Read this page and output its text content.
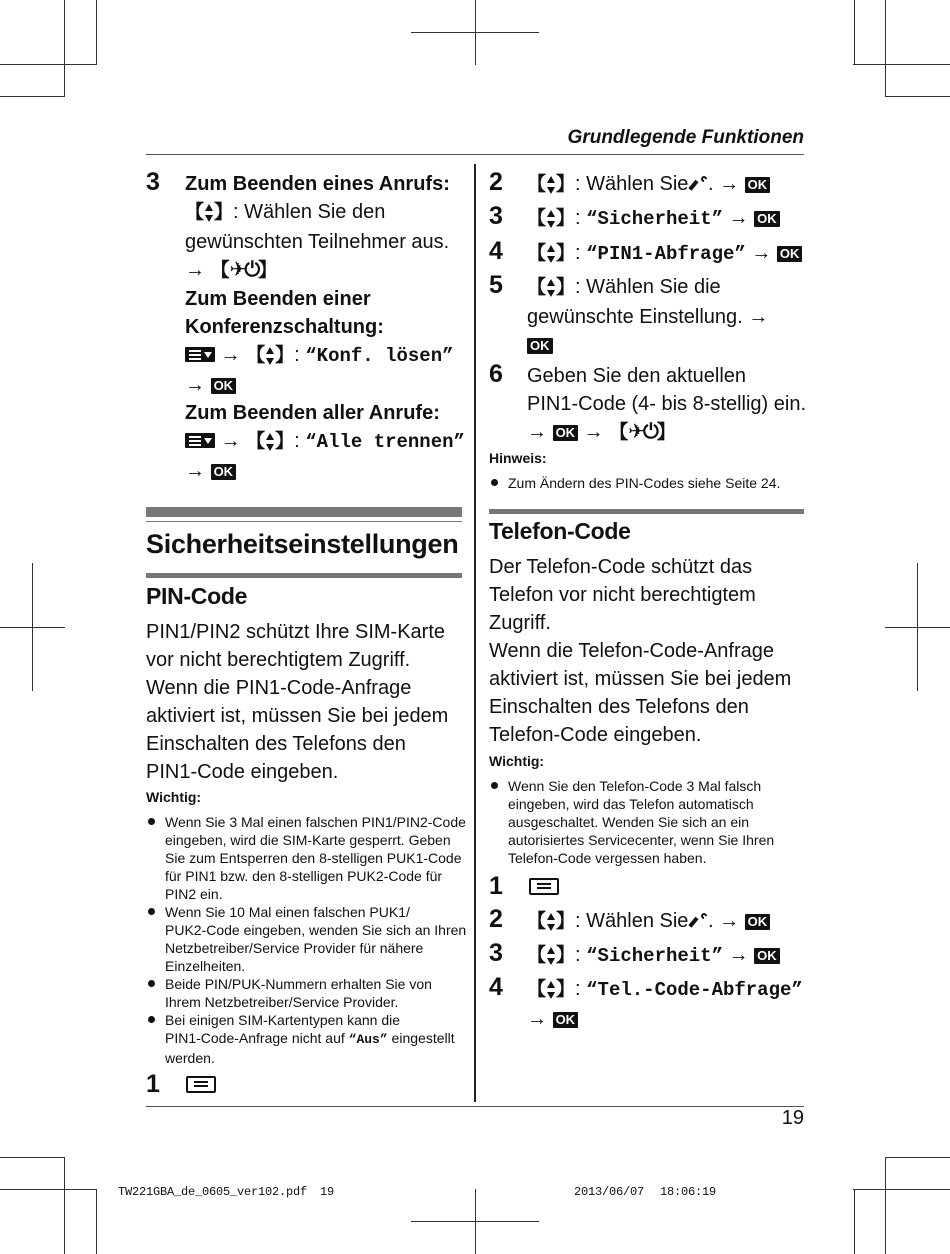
Grundlegende Funktionen
3 Zum Beenden eines Anrufs:
【 】: Wählen Sie den
gewünschten Teilnehmer aus.
→ 【✈⏻】
Zum Beenden einer
Konferenzschaltung:
→ 【 】: “Konf. lösen”
→ OK
Zum Beenden aller Anrufe:
→ 【 】: “Alle trennen”
→ OK
Sicherheitseinstellungen
PIN-Code
PIN1/PIN2 schützt Ihre SIM-Karte
vor nicht berechtigtem Zugriff.
Wenn die PIN1-Code-Anfrage
aktiviert ist, müssen Sie bei jedem
Einschalten des Telefons den
PIN1-Code eingeben.
Wichtig:
Wenn Sie 3 Mal einen falschen PIN1/PIN2-Code
eingeben, wird die SIM-Karte gesperrt. Geben
Sie zum Entsperren den 8-stelligen PUK1-Code
für PIN1 bzw. den 8-stelligen PUK2-Code für
PIN2 ein.
Wenn Sie 10 Mal einen falschen PUK1/
PUK2-Code eingeben, wenden Sie sich an Ihren
Netzbetreiber/Service Provider für nähere
Einzelheiten.
Beide PIN/PUK-Nummern erhalten Sie von
Ihrem Netzbetreiber/Service Provider.
Bei einigen SIM-Kartentypen kann die
PIN1-Code-Anfrage nicht auf “Aus” eingestellt
werden.
1
2 【 】: Wählen Sie . → OK
3 【 】: “Sicherheit” → OK
4 【 】: “PIN1-Abfrage” → OK
5 【 】: Wählen Sie die
gewünschte Einstellung. →
OK
6 Geben Sie den aktuellen
PIN1-Code (4- bis 8-stellig) ein.
→ OK → 【✈⏻】
Hinweis:
Zum Ändern des PIN-Codes siehe Seite 24.
Telefon-Code
Der Telefon-Code schützt das
Telefon vor nicht berechtigtem
Zugriff.
Wenn die Telefon-Code-Anfrage
aktiviert ist, müssen Sie bei jedem
Einschalten des Telefons den
Telefon-Code eingeben.
Wichtig:
Wenn Sie den Telefon-Code 3 Mal falsch
eingeben, wird das Telefon automatisch
ausgeschaltet. Wenden Sie sich an ein
autorisiertes Servicecenter, wenn Sie Ihren
Telefon-Code vergessen haben.
1
2 【 】: Wählen Sie . → OK
3 【 】: “Sicherheit” → OK
4 【 】: “Tel.-Code-Abfrage”
→ OK
19
TW221GBA_de_0605_ver102.pdf 19	2013/06/07 18:06:19
